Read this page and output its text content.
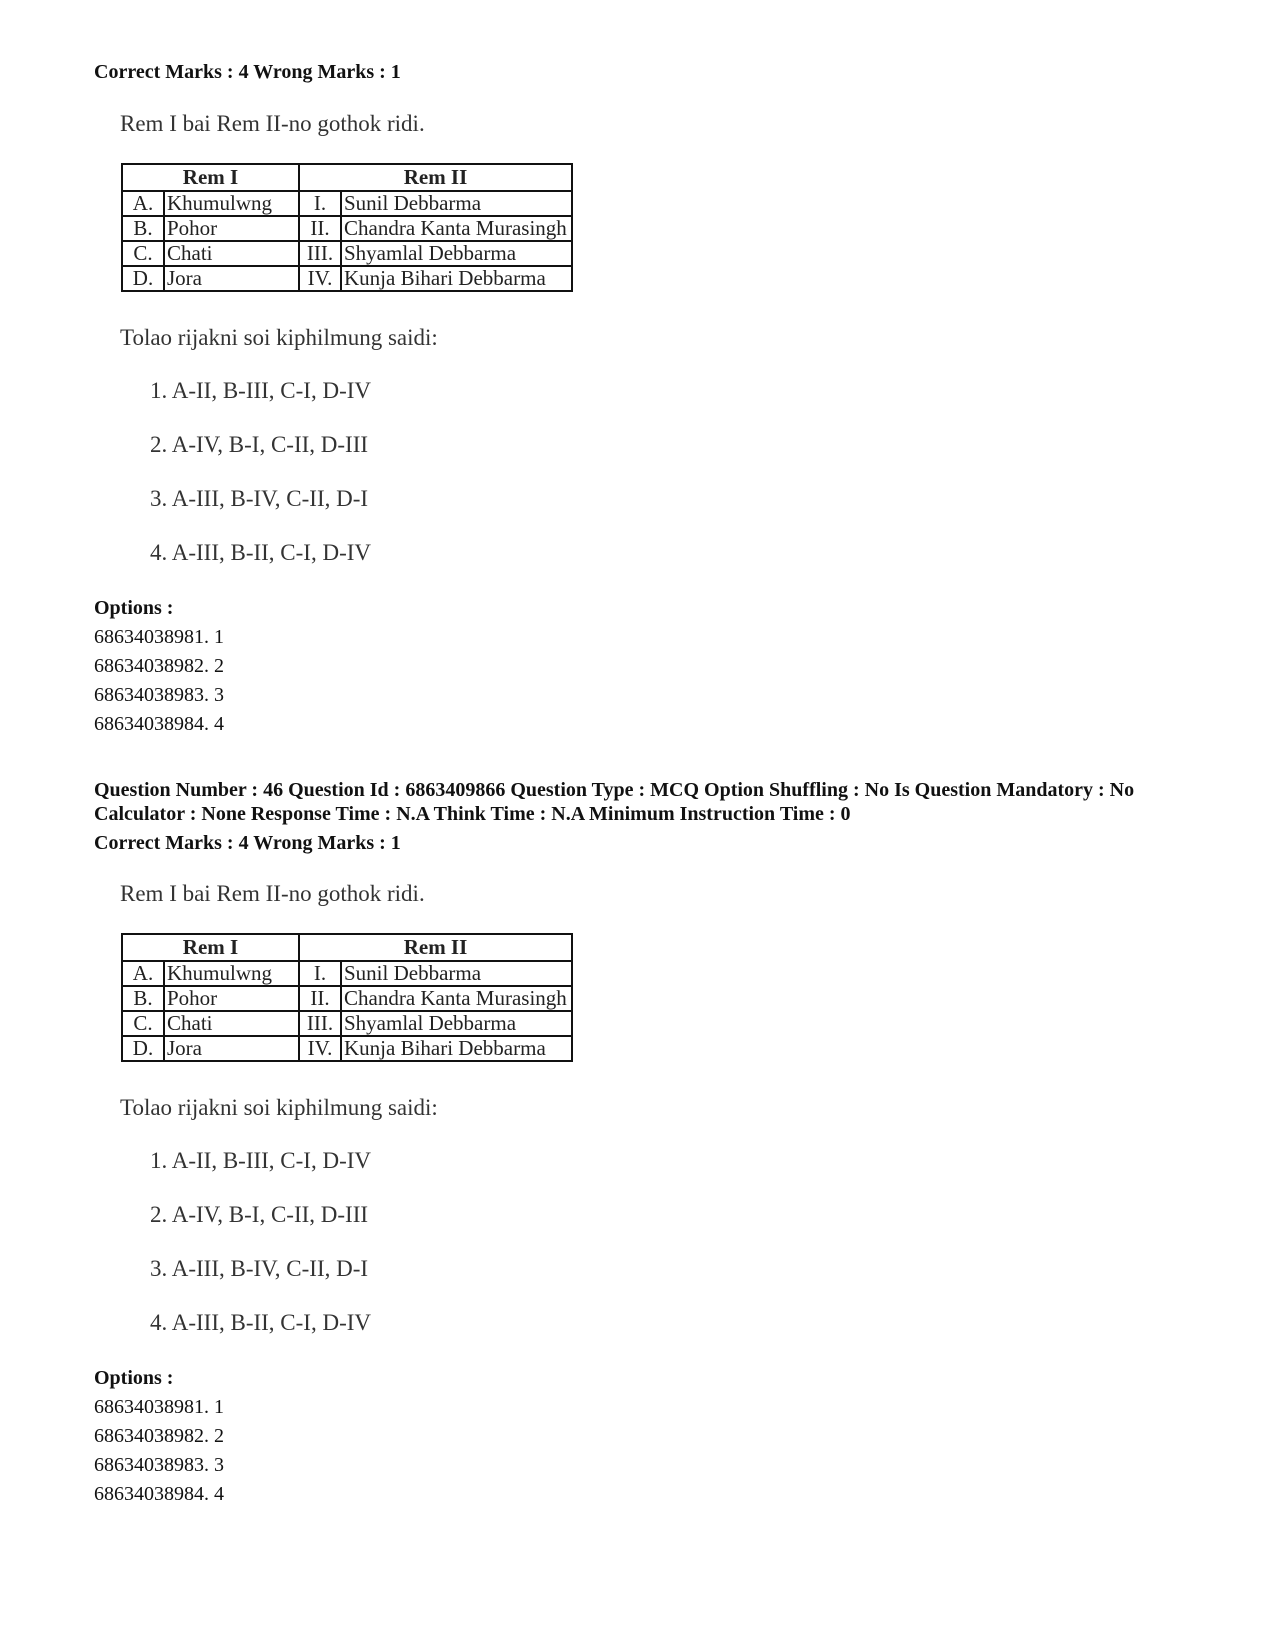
Correct Marks : 4 Wrong Marks : 1
Rem I bai Rem II-no gothok ridi.
Rem I		Rem II	
A.	Khumulwng	I.	Sunil Debbarma
B.	Pohor	II.	Chandra Kanta Murasingh
C.	Chati	III.	Shyamlal Debbarma
D.	Jora	IV.	Kunja Bihari Debbarma
Tolao rijakni soi kiphilmung saidi:
1. A-II, B-III, C-I, D-IV
2. A-IV, B-I, C-II, D-III
3. A-III, B-IV, C-II, D-I
4. A-III, B-II, C-I, D-IV
Options :
68634038981. 1
68634038982. 2
68634038983. 3
68634038984. 4
Question Number : 46 Question Id : 6863409866 Question Type : MCQ Option Shuffling : No Is Question Mandatory : No Calculator : None Response Time : N.A Think Time : N.A Minimum Instruction Time : 0
Correct Marks : 4 Wrong Marks : 1
Rem I bai Rem II-no gothok ridi.
Rem I		Rem II	
A.	Khumulwng	I.	Sunil Debbarma
B.	Pohor	II.	Chandra Kanta Murasingh
C.	Chati	III.	Shyamlal Debbarma
D.	Jora	IV.	Kunja Bihari Debbarma
Tolao rijakni soi kiphilmung saidi:
1. A-II, B-III, C-I, D-IV
2. A-IV, B-I, C-II, D-III
3. A-III, B-IV, C-II, D-I
4. A-III, B-II, C-I, D-IV
Options :
68634038981. 1
68634038982. 2
68634038983. 3
68634038984. 4
